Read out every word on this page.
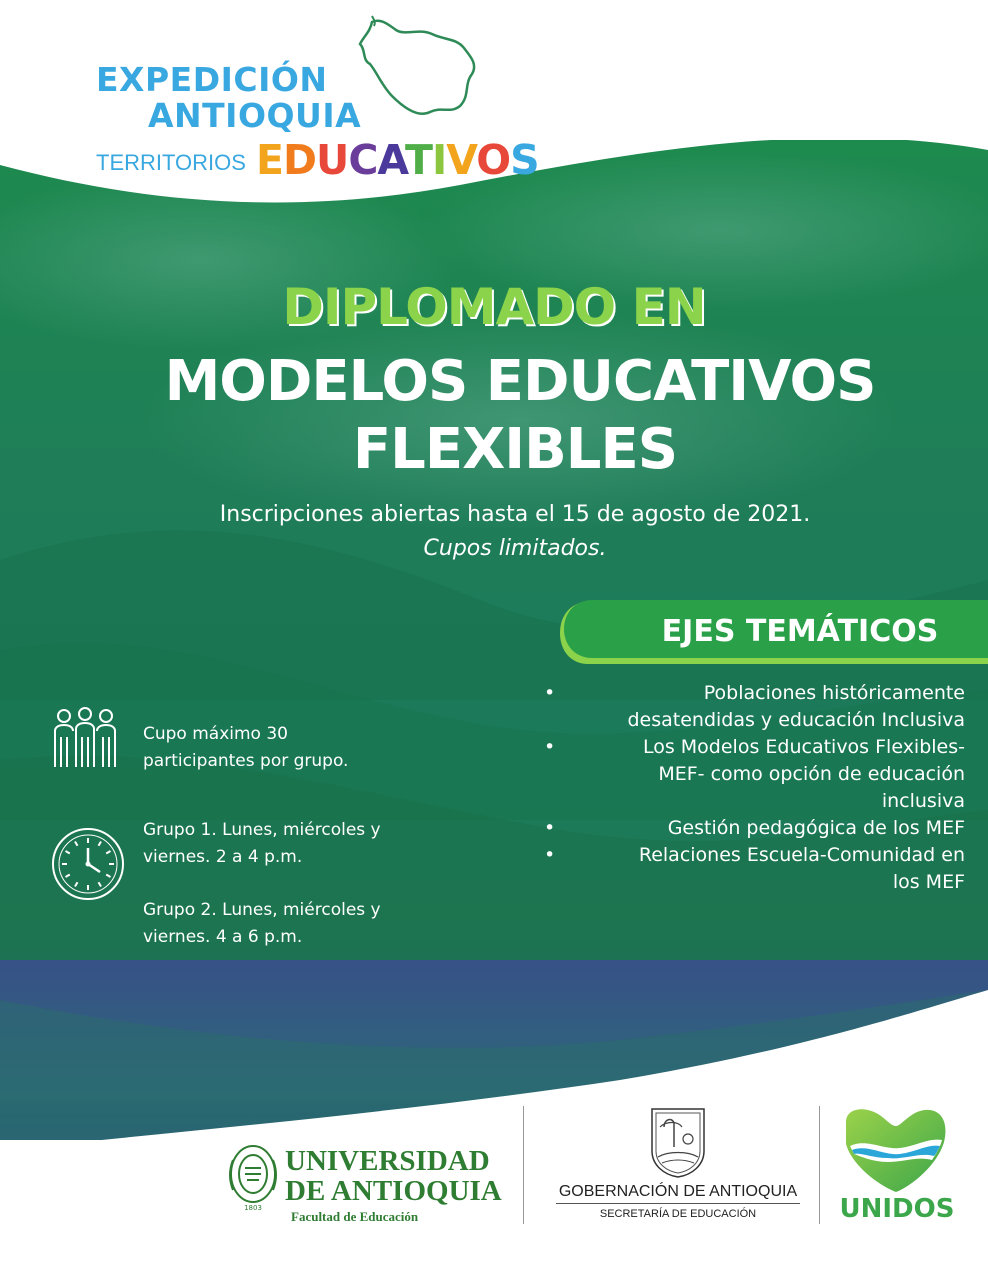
EXPEDICIÓN
ANTIOQUIA
TERRITORIOS EDUCATIVOS
DIPLOMADO EN
MODELOS EDUCATIVOS
FLEXIBLES
Inscripciones abiertas hasta el 15 de agosto de 2021.
Cupos limitados.
EJES TEMÁTICOS
•	Poblaciones históricamente
desatendidas y educación Inclusiva
•	Los Modelos Educativos Flexibles-
MEF- como opción de educación
inclusiva
•	Gestión pedagógica de los MEF
•	Relaciones Escuela-Comunidad en
los MEF
Cupo máximo 30
participantes por grupo.
Grupo 1. Lunes, miércoles y
viernes. 2 a 4 p.m.
Grupo 2. Lunes, miércoles y
viernes. 4 a 6 p.m.
1803
UNIVERSIDAD
DE ANTIOQUIA
Facultad de Educación
GOBERNACIÓN DE ANTIOQUIA
SECRETARÍA DE EDUCACIÓN	UNIDOS
